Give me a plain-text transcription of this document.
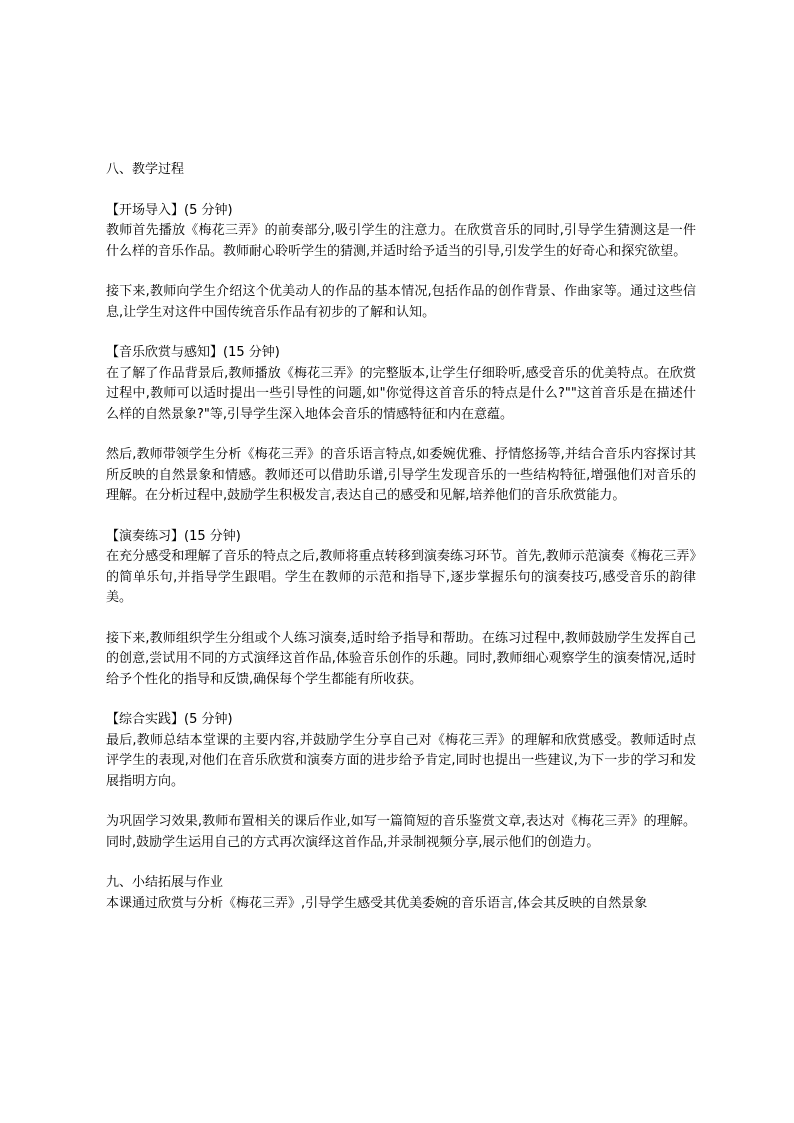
八、教学过程
【开场导入】(5 分钟)

教师首先播放《梅花三弄》的前奏部分,吸引学生的注意力。在欣赏音乐的同时,引导学生猜测这是一件什么样的音乐作品。教师耐心聆听学生的猜测,并适时给予适当的引导,引发学生的好奇心和探究欲望。

接下来,教师向学生介绍这个优美动人的作品的基本情况,包括作品的创作背景、作曲家等。通过这些信息,让学生对这件中国传统音乐作品有初步的了解和认知。

【音乐欣赏与感知】(15 分钟)

在了解了作品背景后,教师播放《梅花三弄》的完整版本,让学生仔细聆听,感受音乐的优美特点。在欣赏过程中,教师可以适时提出一些引导性的问题,如"你觉得这首音乐的特点是什么?""这首音乐是在描述什么样的自然景象?"等,引导学生深入地体会音乐的情感特征和内在意蕴。

然后,教师带领学生分析《梅花三弄》的音乐语言特点,如委婉优雅、抒情悠扬等,并结合音乐内容探讨其所反映的自然景象和情感。教师还可以借助乐谱,引导学生发现音乐的一些结构特征,增强他们对音乐的理解。在分析过程中,鼓励学生积极发言,表达自己的感受和见解,培养他们的音乐欣赏能力。

【演奏练习】(15 分钟)

在充分感受和理解了音乐的特点之后,教师将重点转移到演奏练习环节。首先,教师示范演奏《梅花三弄》的简单乐句,并指导学生跟唱。学生在教师的示范和指导下,逐步掌握乐句的演奏技巧,感受音乐的韵律美。

接下来,教师组织学生分组或个人练习演奏,适时给予指导和帮助。在练习过程中,教师鼓励学生发挥自己的创意,尝试用不同的方式演绎这首作品,体验音乐创作的乐趣。同时,教师细心观察学生的演奏情况,适时给予个性化的指导和反馈,确保每个学生都能有所收获。

【综合实践】(5 分钟)

最后,教师总结本堂课的主要内容,并鼓励学生分享自己对《梅花三弄》的理解和欣赏感受。教师适时点评学生的表现,对他们在音乐欣赏和演奏方面的进步给予肯定,同时也提出一些建议,为下一步的学习和发展指明方向。

为巩固学习效果,教师布置相关的课后作业,如写一篇简短的音乐鉴赏文章,表达对《梅花三弄》的理解。同时,鼓励学生运用自己的方式再次演绎这首作品,并录制视频分享,展示他们的创造力。

九、小结拓展与作业

本课通过欣赏与分析《梅花三弄》,引导学生感受其优美委婉的音乐语言,体会其反映的自然景象
